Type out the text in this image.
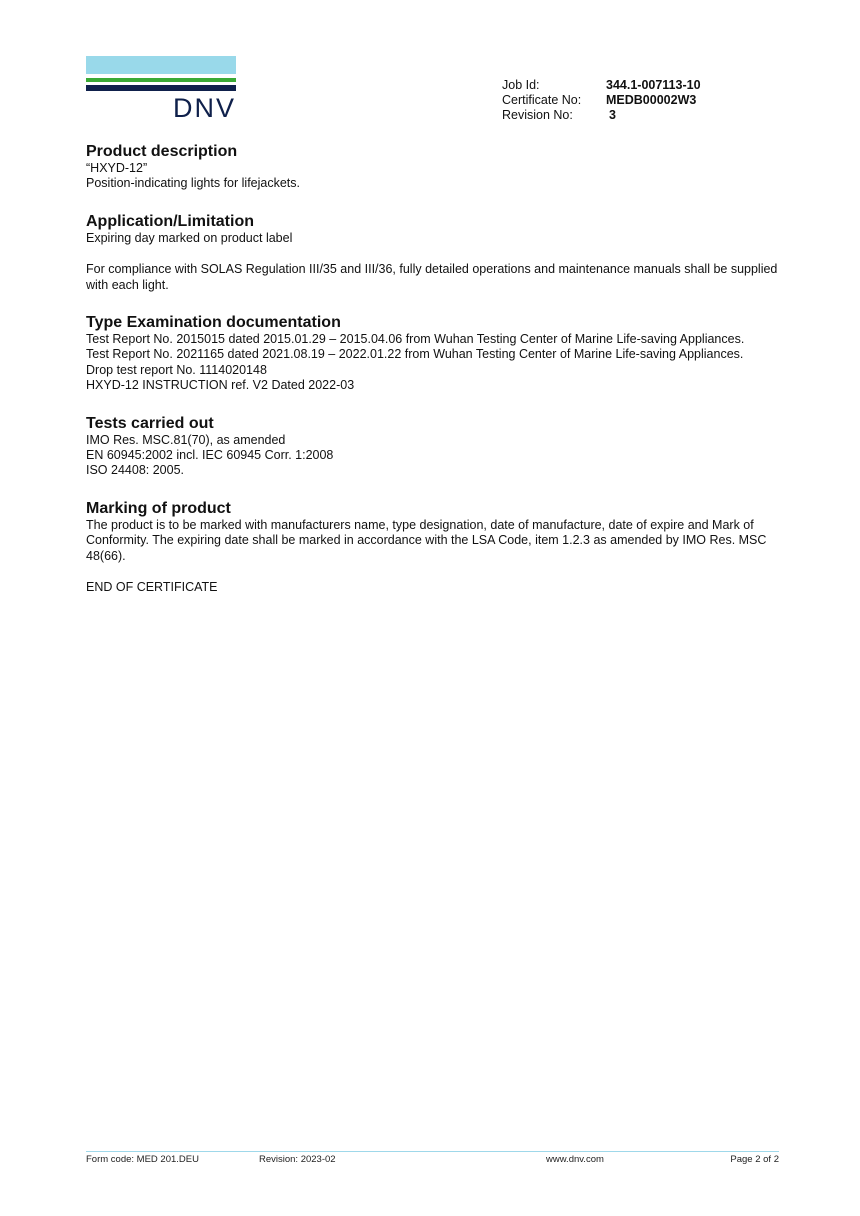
DNV
Job Id:	344.1-007113-10
Certificate No:	MEDB00002W3
Revision No:	3
Product description

“HXYD-12”

Position-indicating lights for lifejackets.

Application/Limitation

Expiring day marked on product label

For compliance with SOLAS Regulation III/35 and III/36, fully detailed operations and maintenance manuals shall be supplied with each light.

Type Examination documentation

Test Report No. 2015015 dated 2015.01.29 – 2015.04.06 from Wuhan Testing Center of Marine Life-saving Appliances.

Test Report No. 2021165 dated 2021.08.19 – 2022.01.22 from Wuhan Testing Center of Marine Life-saving Appliances.

Drop test report No. 1114020148

HXYD-12 INSTRUCTION ref. V2 Dated 2022-03

Tests carried out

IMO Res. MSC.81(70), as amended

EN 60945:2002 incl. IEC 60945 Corr. 1:2008

ISO 24408: 2005.

Marking of product

The product is to be marked with manufacturers name, type designation, date of manufacture, date of expire and Mark of Conformity. The expiring date shall be marked in accordance with the LSA Code, item 1.2.3 as amended by IMO Res. MSC 48(66).

END OF CERTIFICATE

Form code: MED 201.DEU	Revision: 2023-02	www.dnv.com	Page 2 of 2
